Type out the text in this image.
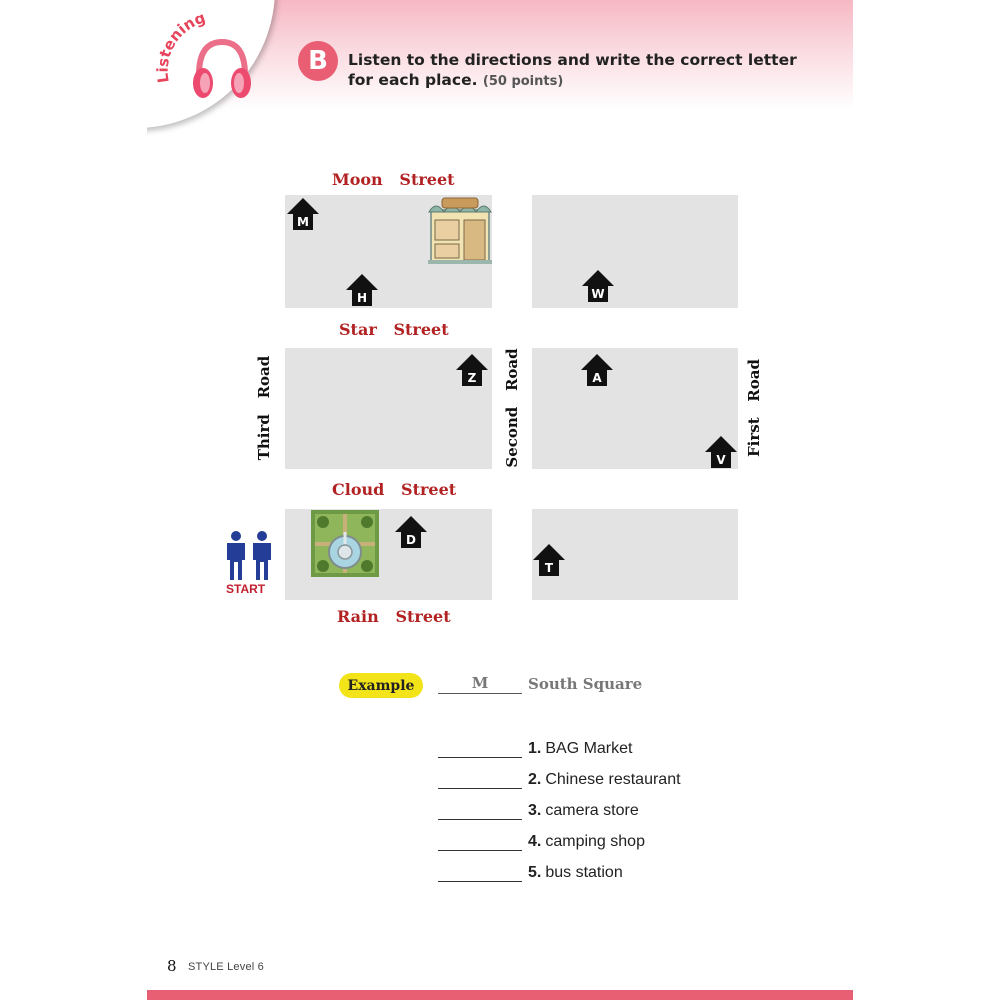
Listening
B	Listen to the directions and write the correct letter
for each place. (50 points)
Moon   Street
Star   Street
Cloud   Street
Rain   Street
Third   Road	Second   Road	First   Road
M
H	W
Z	A
V
D
T
START
Example	M	South Square
1. BAG Market
2. Chinese restaurant
3. camera store
4. camping shop
5. bus station
8 STYLE Level 6
